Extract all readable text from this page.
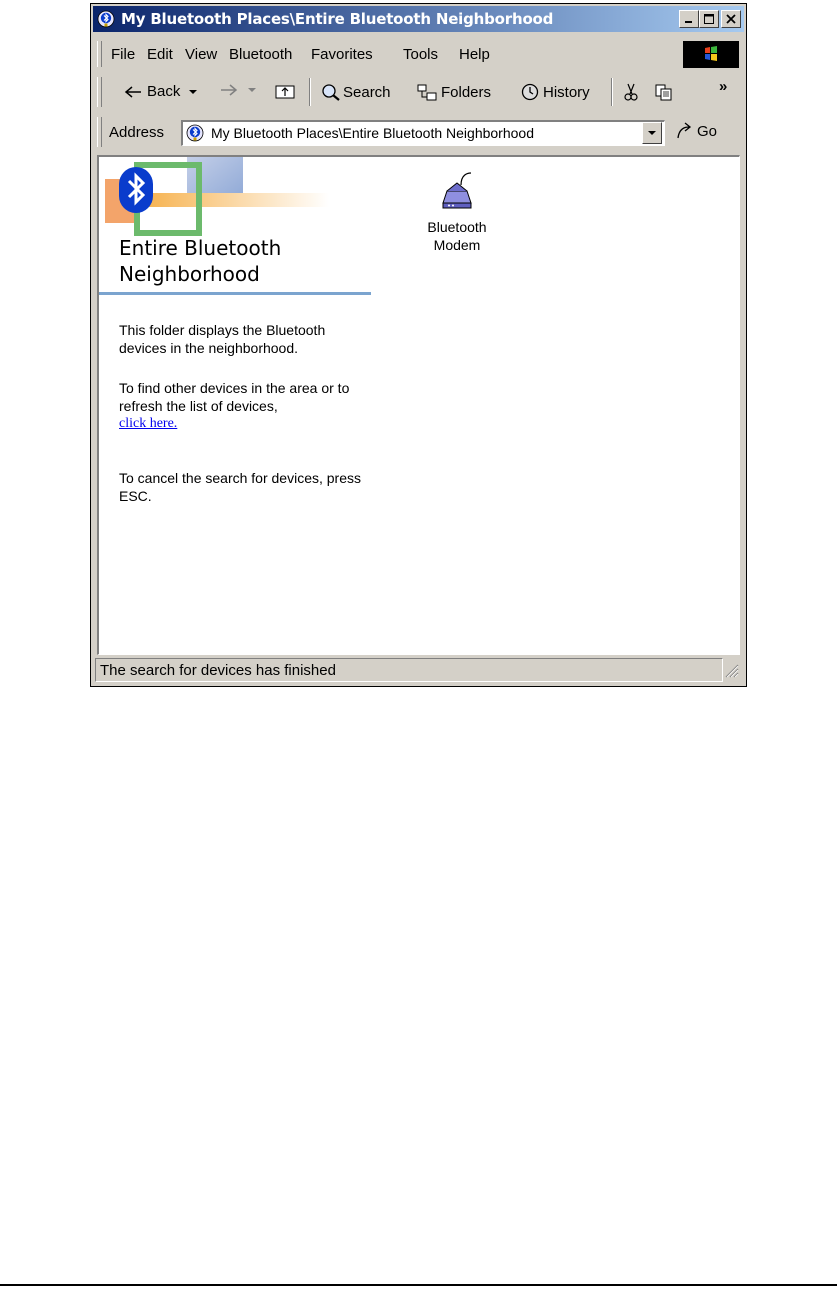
My Bluetooth Places\Entire Bluetooth Neighborhood
File Edit View Bluetooth Favorites Tools Help
Back	Search	Folders	History	»
Address	My Bluetooth Places\Entire Bluetooth Neighborhood	Go
Entire Bluetooth
Neighborhood
This folder displays the Bluetooth devices in the neighborhood.
To find other devices in the area or to refresh the list of devices,
click here.
To cancel the search for devices, press ESC.
Bluetooth
Modem
The search for devices has finished
